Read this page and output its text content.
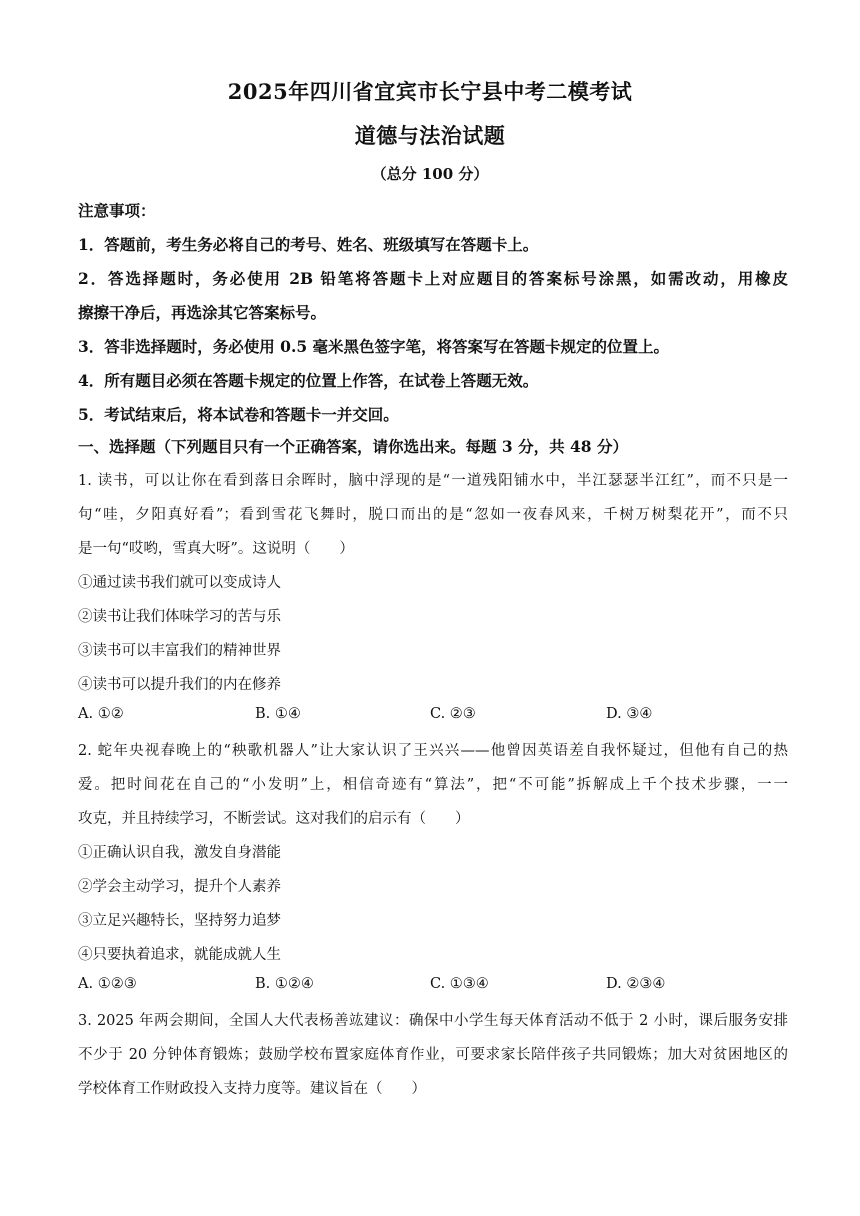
2025年四川省宜宾市长宁县中考二模考试
道德与法治试题
（总分 100 分）
注意事项：
1．答题前，考生务必将自己的考号、姓名、班级填写在答题卡上。
2．答选择题时，务必使用 2B 铅笔将答题卡上对应题目的答案标号涂黑，如需改动，用橡皮
擦擦干净后，再选涂其它答案标号。
3．答非选择题时，务必使用 0.5 毫米黑色签字笔，将答案写在答题卡规定的位置上。
4．所有题目必须在答题卡规定的位置上作答，在试卷上答题无效。
5．考试结束后，将本试卷和答题卡一并交回。
一、选择题（下列题目只有一个正确答案，请你选出来。每题 3 分，共 48 分）
1. 读书，可以让你在看到落日余晖时，脑中浮现的是“一道残阳铺水中，半江瑟瑟半江红”，而不只是一
句“哇，夕阳真好看”；看到雪花飞舞时，脱口而出的是“忽如一夜春风来，千树万树梨花开”，而不只
是一句“哎哟，雪真大呀”。这说明（　　）
①通过读书我们就可以变成诗人
②读书让我们体味学习的苦与乐
③读书可以丰富我们的精神世界
④读书可以提升我们的内在修养
A. ①②	B. ①④	C. ②③	D. ③④
2. 蛇年央视春晚上的“秧歌机器人”让大家认识了王兴兴——他曾因英语差自我怀疑过，但他有自己的热
爱。把时间花在自己的“小发明”上，相信奇迹有“算法”，把“不可能”拆解成上千个技术步骤，一一
攻克，并且持续学习，不断尝试。这对我们的启示有（　　）
①正确认识自我，激发自身潜能
②学会主动学习，提升个人素养
③立足兴趣特长，坚持努力追梦
④只要执着追求，就能成就人生
A. ①②③	B. ①②④	C. ①③④	D. ②③④
3. 2025 年两会期间，全国人大代表杨善竑建议：确保中小学生每天体育活动不低于 2 小时，课后服务安排
不少于 20 分钟体育锻炼；鼓励学校布置家庭体育作业，可要求家长陪伴孩子共同锻炼；加大对贫困地区的
学校体育工作财政投入支持力度等。建议旨在（　　）
